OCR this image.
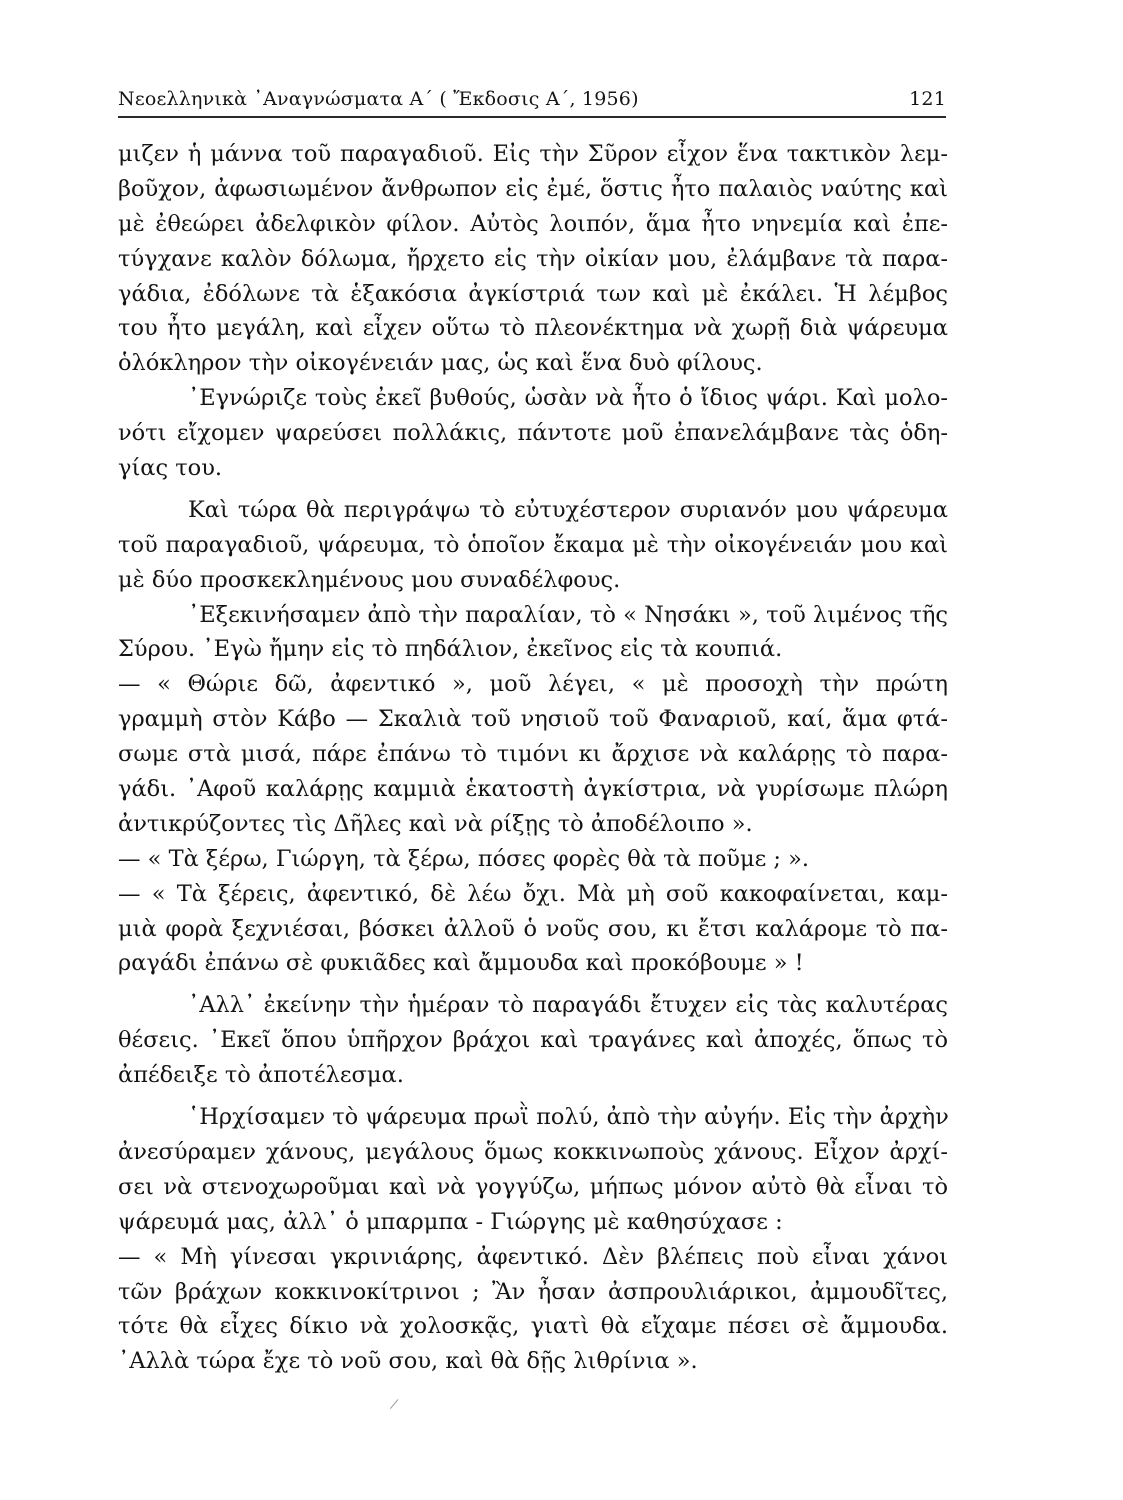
Νεοελληνικὰ ᾿Αναγνώσματα Α΄ ( Ἔκδοσις Α΄, 1956)	121
μιζεν ἡ μάννα τοῦ παραγαδιοῦ. Εἰς τὴν Σῦρον εἶχον ἕνα τακτικὸν λεμ-
βοῦχον, ἀφωσιωμένον ἄνθρωπον εἰς ἐμέ, ὅστις ἦτο παλαιὸς ναύτης καὶ
μὲ ἐθεώρει ἀδελφικὸν φίλον. Αὐτὸς λοιπόν, ἅμα ἦτο νηνεμία καὶ ἐπε-
τύγχανε καλὸν δόλωμα, ἤρχετο εἰς τὴν οἰκίαν μου, ἐλάμβανε τὰ παρα-
γάδια, ἐδόλωνε τὰ ἑξακόσια ἀγκίστριά των καὶ μὲ ἐκάλει. Ἡ λέμβος
του ἦτο μεγάλη, καὶ εἶχεν οὕτω τὸ πλεονέκτημα νὰ χωρῇ διὰ ψάρευμα
ὁλόκληρον τὴν οἰκογένειάν μας, ὡς καὶ ἕνα δυὸ φίλους.
᾿Εγνώριζε τοὺς ἐκεῖ βυθούς, ὡσὰν νὰ ἦτο ὁ ἴδιος ψάρι. Καὶ μολο-
νότι εἴχομεν ψαρεύσει πολλάκις, πάντοτε μοῦ ἐπανελάμβανε τὰς ὁδη-
γίας του.
Καὶ τώρα θὰ περιγράψω τὸ εὐτυχέστερον συριανόν μου ψάρευμα
τοῦ παραγαδιοῦ, ψάρευμα, τὸ ὁποῖον ἔκαμα μὲ τὴν οἰκογένειάν μου καὶ
μὲ δύο προσκεκλημένους μου συναδέλφους.
᾿Εξεκινήσαμεν ἀπὸ τὴν παραλίαν, τὸ « Νησάκι », τοῦ λιμένος τῆς
Σύρου. ᾿Εγὼ ἤμην εἰς τὸ πηδάλιον, ἐκεῖνος εἰς τὰ κουπιά.
— « Θώριε δῶ, ἀφεντικό », μοῦ λέγει, « μὲ προσοχὴ τὴν πρώτη
γραμμὴ στὸν Κάβο — Σκαλιὰ τοῦ νησιοῦ τοῦ Φαναριοῦ, καί, ἅμα φτά-
σωμε στὰ μισά, πάρε ἐπάνω τὸ τιμόνι κι ἄρχισε νὰ καλάρῃς τὸ παρα-
γάδι. ᾿Αφοῦ καλάρῃς καμμιὰ ἑκατοστὴ ἀγκίστρια, νὰ γυρίσωμε πλώρη
ἀντικρύζοντες τὶς Δῆλες καὶ νὰ ρίξῃς τὸ ἀποδέλοιπο ».
— « Τὰ ξέρω, Γιώργη, τὰ ξέρω, πόσες φορὲς θὰ τὰ ποῦμε ; ».
— « Τὰ ξέρεις, ἀφεντικό, δὲ λέω ὄχι. Μὰ μὴ σοῦ κακοφαίνεται, καμ-
μιὰ φορὰ ξεχνιέσαι, βόσκει ἀλλοῦ ὁ νοῦς σου, κι ἔτσι καλάρομε τὸ πα-
ραγάδι ἐπάνω σὲ φυκιᾶδες καὶ ἄμμουδα καὶ προκόβουμε » !
᾿Αλλ᾿ ἐκείνην τὴν ἡμέραν τὸ παραγάδι ἔτυχεν εἰς τὰς καλυτέρας
θέσεις. ᾿Εκεῖ ὅπου ὑπῆρχον βράχοι καὶ τραγάνες καὶ ἀποχές, ὅπως τὸ
ἀπέδειξε τὸ ἀποτέλεσμα.
῾Ηρχίσαμεν τὸ ψάρευμα πρωῒ πολύ, ἀπὸ τὴν αὐγήν. Εἰς τὴν ἀρχὴν
ἀνεσύραμεν χάνους, μεγάλους ὅμως κοκκινωποὺς χάνους. Εἶχον ἀρχί-
σει νὰ στενοχωροῦμαι καὶ νὰ γογγύζω, μήπως μόνον αὐτὸ θὰ εἶναι τὸ
ψάρευμά μας, ἀλλ᾿ ὁ μπαρμπα - Γιώργης μὲ καθησύχασε :
— « Μὴ γίνεσαι γκρινιάρης, ἀφεντικό. Δὲν βλέπεις ποὺ εἶναι χάνοι
τῶν βράχων κοκκινοκίτρινοι ; Ἂν ἦσαν ἀσπρουλιάρικοι, ἀμμουδῖτες,
τότε θὰ εἶχες δίκιο νὰ χολοσκᾷς, γιατὶ θὰ εἴχαμε πέσει σὲ ἄμμουδα.
᾿Αλλὰ τώρα ἔχε τὸ νοῦ σου, καὶ θὰ δῇς λιθρίνια ».
